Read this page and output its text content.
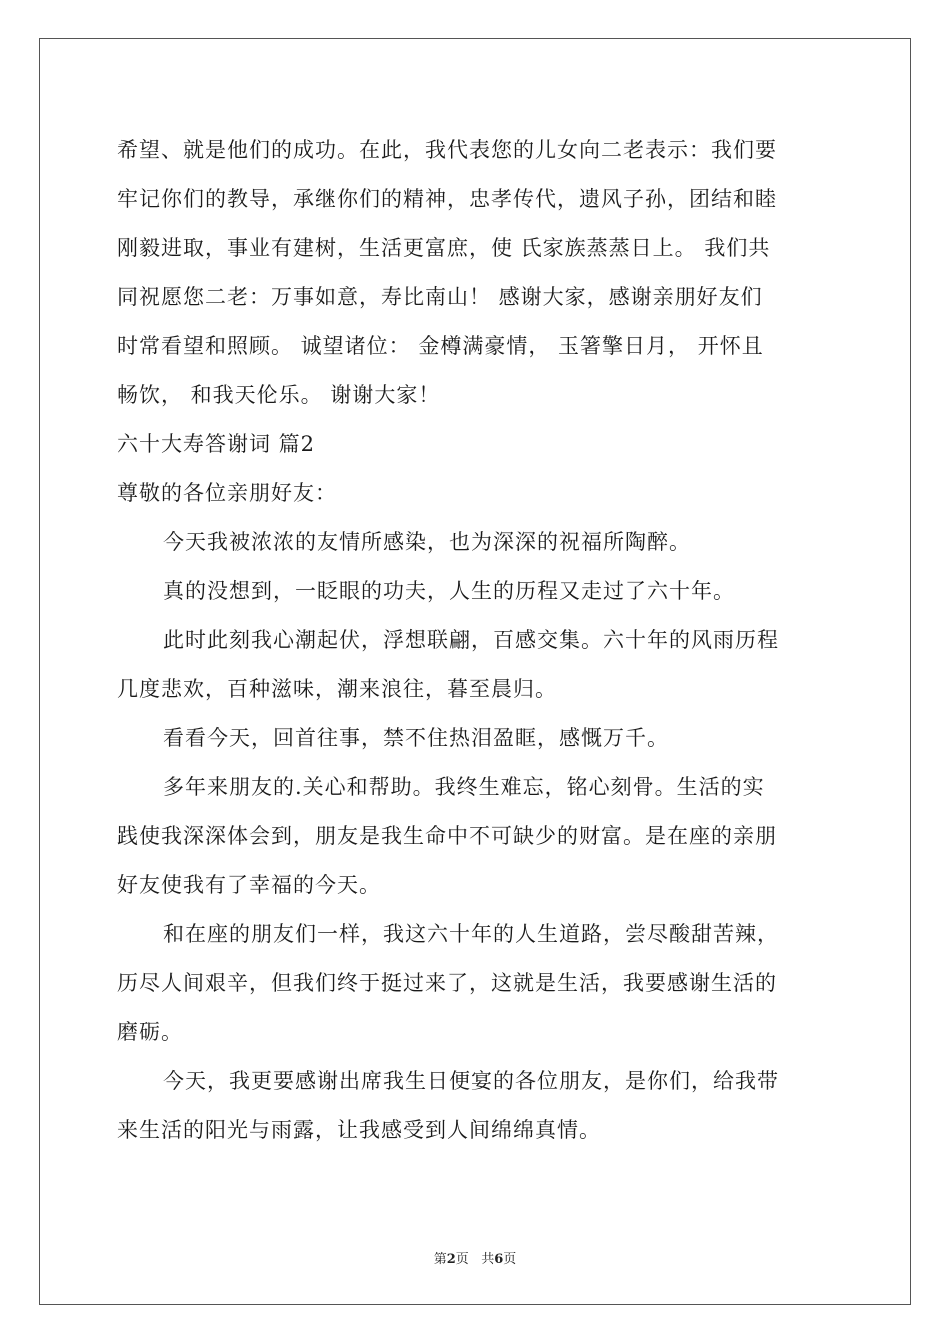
希望、就是他们的成功。在此，我代表您的儿女向二老表示：我们要
牢记你们的教导，承继你们的精神，忠孝传代，遗风子孙，团结和睦
刚毅进取，事业有建树，生活更富庶，使 氏家族蒸蒸日上。 我们共
同祝愿您二老：万事如意，寿比南山！ 感谢大家，感谢亲朋好友们
时常看望和照顾。 诚望诸位： 金樽满豪情， 玉箸擎日月， 开怀且
畅饮， 和我天伦乐。 谢谢大家！
六十大寿答谢词 篇2
尊敬的各位亲朋好友：
今天我被浓浓的友情所感染，也为深深的祝福所陶醉。
真的没想到，一眨眼的功夫，人生的历程又走过了六十年。
此时此刻我心潮起伏，浮想联翩，百感交集。六十年的风雨历程
几度悲欢，百种滋味，潮来浪往，暮至晨归。
看看今天，回首往事，禁不住热泪盈眶，感慨万千。
多年来朋友的.关心和帮助。我终生难忘，铭心刻骨。生活的实
践使我深深体会到，朋友是我生命中不可缺少的财富。是在座的亲朋
好友使我有了幸福的今天。
和在座的朋友们一样，我这六十年的人生道路，尝尽酸甜苦辣，
历尽人间艰辛，但我们终于挺过来了，这就是生活，我要感谢生活的
磨砺。
今天，我更要感谢出席我生日便宴的各位朋友，是你们，给我带
来生活的阳光与雨露，让我感受到人间绵绵真情。
第2页 共6页
